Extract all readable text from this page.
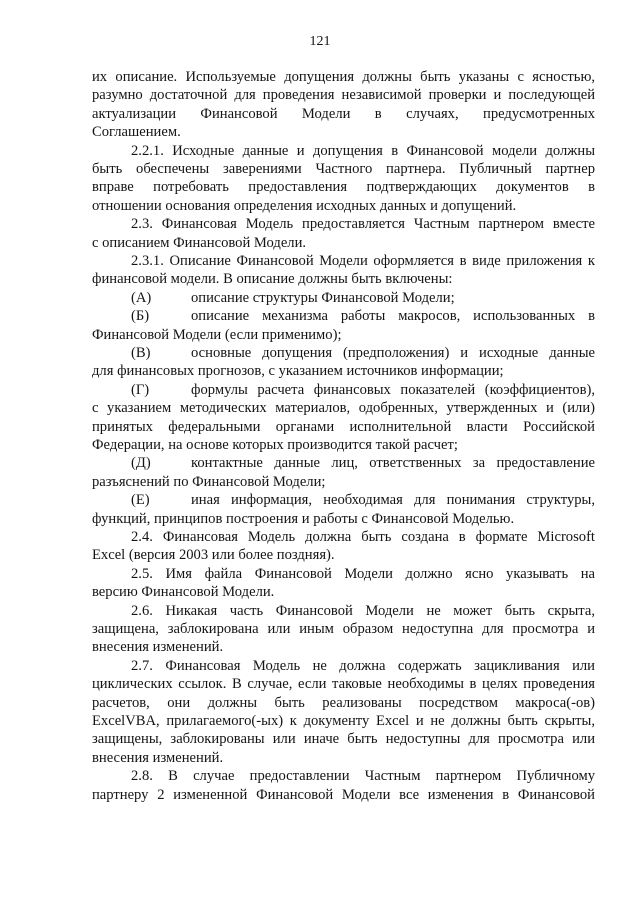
121
их описание. Используемые допущения должны быть указаны с ясностью,
разумно достаточной для проведения независимой проверки и последующей
актуализации Финансовой Модели в случаях, предусмотренных
Соглашением.
2.2.1. Исходные данные и допущения в Финансовой модели должны
быть обеспечены заверениями Частного партнера. Публичный партнер
вправе потребовать предоставления подтверждающих документов в
отношении основания определения исходных данных и допущений.
2.3. Финансовая Модель предоставляется Частным партнером вместе
с описанием Финансовой Модели.
2.3.1. Описание Финансовой Модели оформляется в виде приложения к
финансовой модели. В описание должны быть включены:
(А)	описание структуры Финансовой Модели;
(Б)	описание механизма работы макросов, использованных в
Финансовой Модели (если применимо);
(В)	основные допущения (предположения) и исходные данные
для финансовых прогнозов, с указанием источников информации;
(Г)	формулы расчета финансовых показателей (коэффициентов),
с указанием методических материалов, одобренных, утвержденных и (или)
принятых федеральными органами исполнительной власти Российской
Федерации, на основе которых производится такой расчет;
(Д)	контактные данные лиц, ответственных за предоставление
разъяснений по Финансовой Модели;
(Е)	иная информация, необходимая для понимания структуры,
функций, принципов построения и работы с Финансовой Моделью.
2.4. Финансовая Модель должна быть создана в формате Microsoft
Excel (версия 2003 или более поздняя).
2.5. Имя файла Финансовой Модели должно ясно указывать на
версию Финансовой Модели.
2.6. Никакая часть Финансовой Модели не может быть скрыта,
защищена, заблокирована или иным образом недоступна для просмотра и
внесения изменений.
2.7. Финансовая Модель не должна содержать зацикливания или
циклических ссылок. В случае, если таковые необходимы в целях проведения
расчетов, они должны быть реализованы посредством макроса(-ов)
ExcelVBA, прилагаемого(-ых) к документу Excel и не должны быть скрыты,
защищены, заблокированы или иначе быть недоступны для просмотра или
внесения изменений.
2.8. В случае предоставлении Частным партнером Публичному
партнеру 2 измененной Финансовой Модели все изменения в Финансовой
